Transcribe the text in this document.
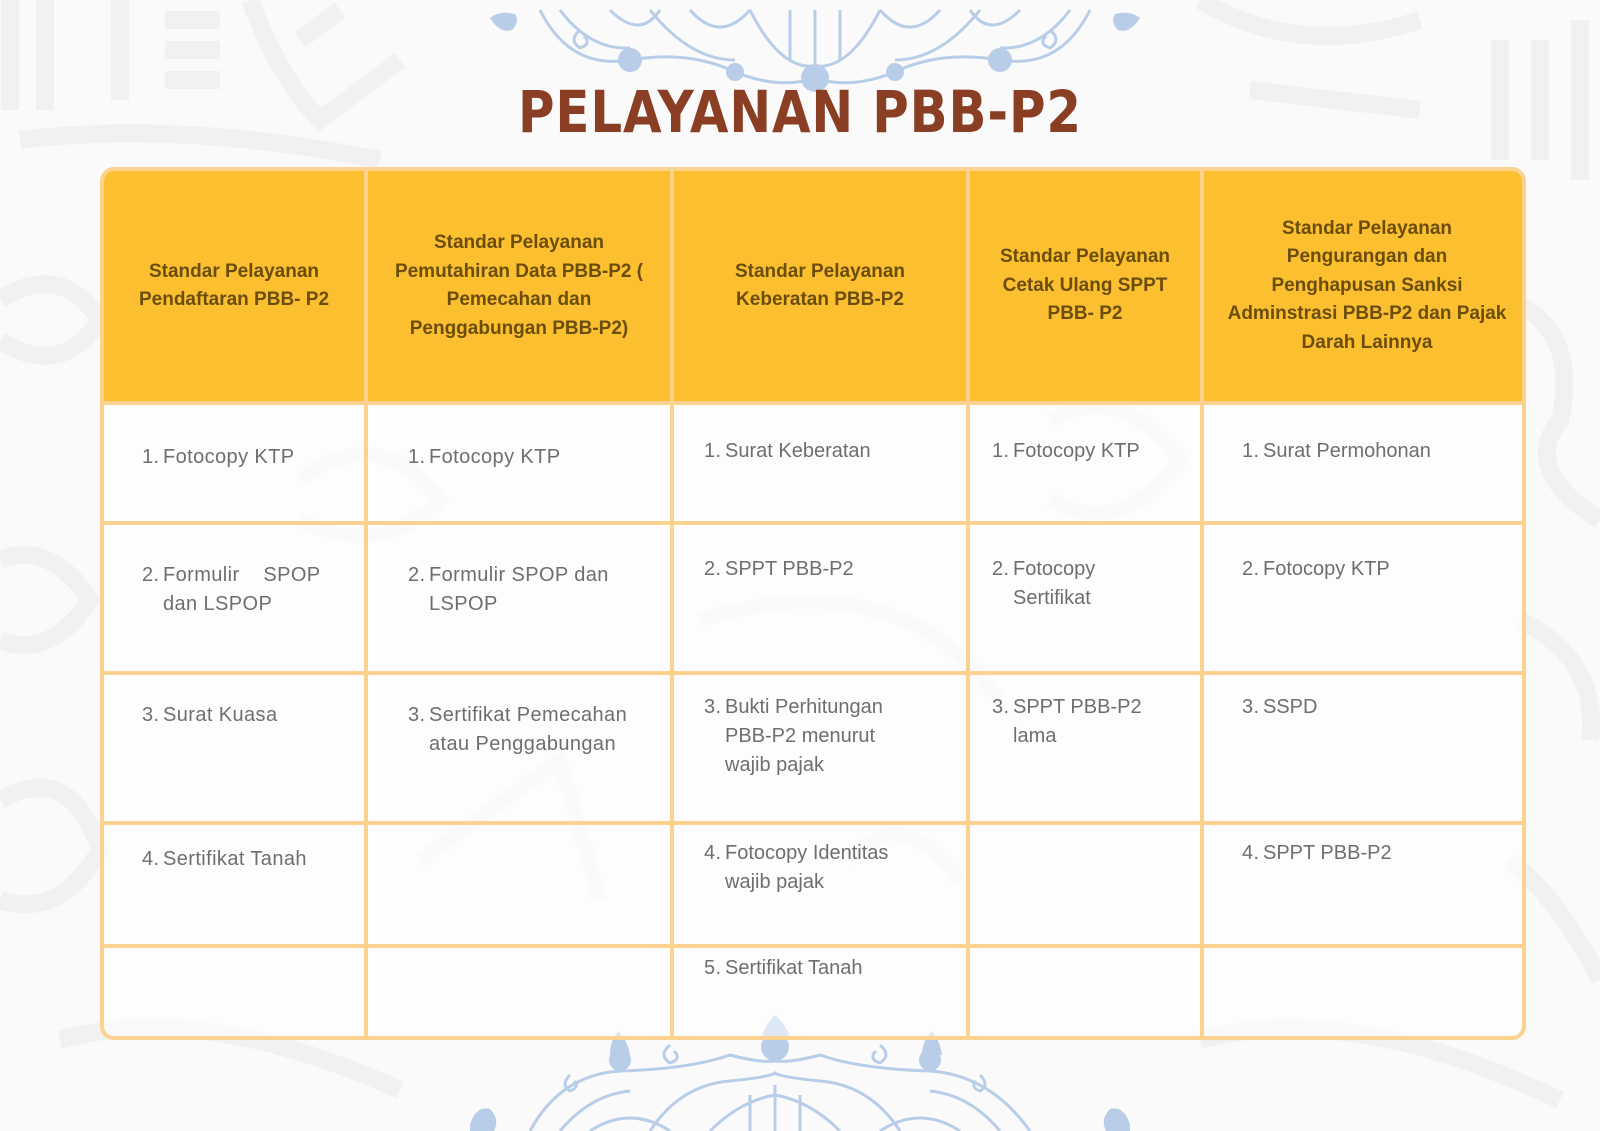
PELAYANAN PBB-P2
Standar Pelayanan Pendaftaran PBB- P2	Standar Pelayanan Pemutahiran Data PBB-P2 ( Pemecahan dan Penggabungan PBB-P2)	Standar Pelayanan Keberatan PBB-P2	Standar Pelayanan Cetak Ulang SPPT PBB- P2	Standar Pelayanan Pengurangan dan Penghapusan Sanksi Adminstrasi PBB-P2 dan Pajak Darah Lainnya

1. Fotocopy KTP	1. Fotocopy KTP	1. Surat Keberatan	1. Fotocopy KTP	1. Surat Permohonan

2. Formulir    SPOP dan LSPOP	2. Formulir SPOP dan LSPOP	2. SPPT PBB-P2	2. Fotocopy Sertifikat	2. Fotocopy KTP

3. Surat Kuasa	3. Sertifikat Pemecahan atau Penggabungan	3. Bukti Perhitungan PBB-P2 menurut wajib pajak	3. SPPT PBB-P2 lama	3. SSPD

4. Sertifikat Tanah		4. Fotocopy Identitas wajib pajak		4. SPPT PBB-P2

		5. Sertifikat Tanah		
